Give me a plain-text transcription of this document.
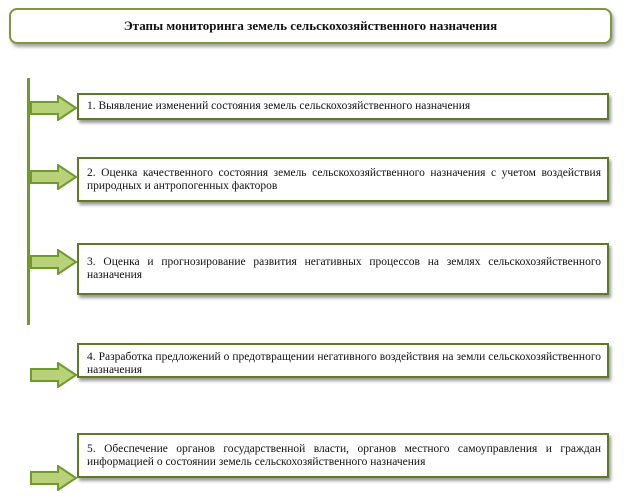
Этапы мониторинга земель сельскохозяйственного назначения
1. Выявление изменений состояния земель сельскохозяйственного назначения
2. Оценка качественного состояния земель сельскохозяйственного назначения с учетом воздействия природных и антропогенных факторов
3. Оценка и прогнозирование развития негативных процессов на землях сельскохозяйственного назначения
4. Разработка предложений о предотвращении негативного воздействия на земли сельскохозяйственного назначения
5. Обеспечение органов государственной власти, органов местного самоуправления и граждан информацией о состоянии земель сельскохозяйственного назначения
